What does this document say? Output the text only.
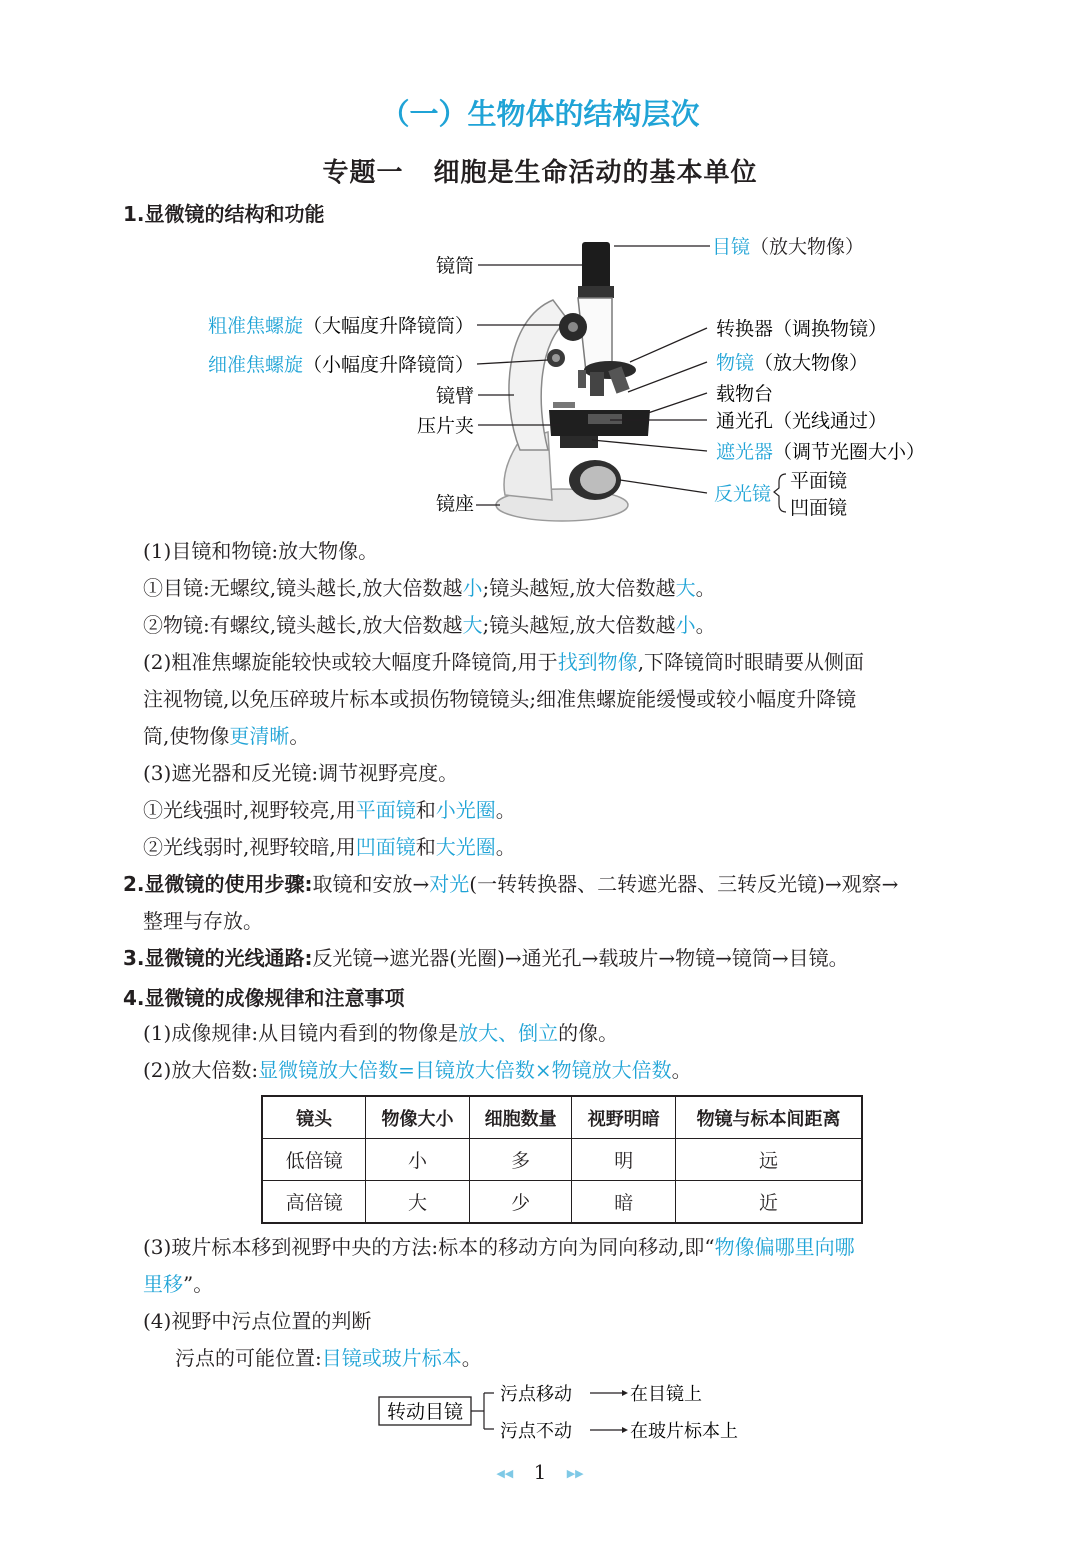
（一）生物体的结构层次
专题一 细胞是生命活动的基本单位
1.显微镜的结构和功能
目镜（放大物像）
镜筒
粗准焦螺旋（大幅度升降镜筒）
细准焦螺旋（小幅度升降镜筒）
转换器（调换物镜）
物镜（放大物像）
载物台
通光孔（光线通过）
镜臂
压片夹
遮光器（调节光圈大小）
反光镜
平面镜
凹面镜
镜座
(1)目镜和物镜:放大物像。
①目镜:无螺纹,镜头越长,放大倍数越小;镜头越短,放大倍数越大。
②物镜:有螺纹,镜头越长,放大倍数越大;镜头越短,放大倍数越小。
(2)粗准焦螺旋能较快或较大幅度升降镜筒,用于找到物像,下降镜筒时眼睛要从侧面
注视物镜,以免压碎玻片标本或损伤物镜镜头;细准焦螺旋能缓慢或较小幅度升降镜
筒,使物像更清晰。
(3)遮光器和反光镜:调节视野亮度。
①光线强时,视野较亮,用平面镜和小光圈。
②光线弱时,视野较暗,用凹面镜和大光圈。
2.显微镜的使用步骤:取镜和安放→对光(一转转换器、二转遮光器、三转反光镜)→观察→
整理与存放。
3.显微镜的光线通路:反光镜→遮光器(光圈)→通光孔→载玻片→物镜→镜筒→目镜。
4.显微镜的成像规律和注意事项
(1)成像规律:从目镜内看到的物像是放大、倒立的像。
(2)放大倍数:显微镜放大倍数=目镜放大倍数×物镜放大倍数。
镜头	物像大小	细胞数量	视野明暗	物镜与标本间距离
低倍镜	小	多	明	远
高倍镜	大	少	暗	近
(3)玻片标本移到视野中央的方法:标本的移动方向为同向移动,即“物像偏哪里向哪
里移”。
(4)视野中污点位置的判断
污点的可能位置:目镜或玻片标本。
转动目镜
污点移动	在目镜上
污点不动	在玻片标本上
◀◀ 1 ▶▶
